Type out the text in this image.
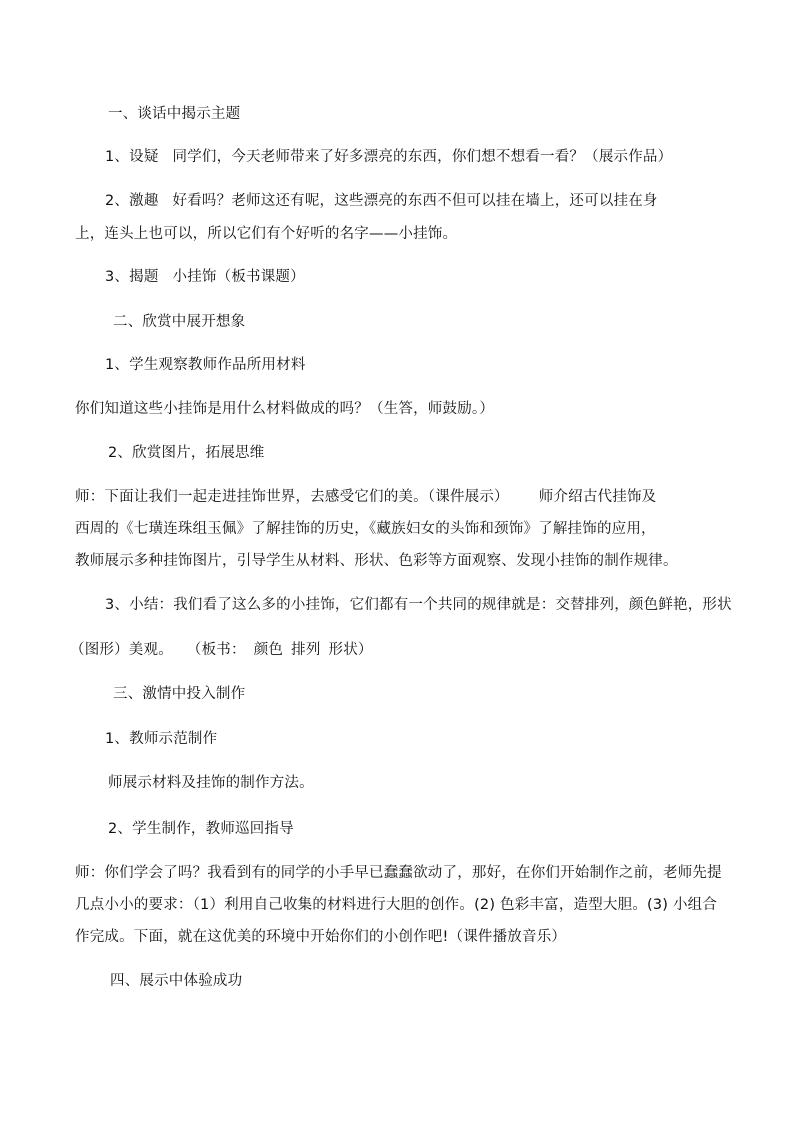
一、谈话中揭示主题
1、设疑 同学们，今天老师带来了好多漂亮的东西，你们想不想看一看？（展示作品）
2、激趣 好看吗？老师这还有呢，这些漂亮的东西不但可以挂在墙上，还可以挂在身
上，连头上也可以，所以它们有个好听的名字——小挂饰。
3、揭题 小挂饰（板书课题）
二、欣赏中展开想象
1、学生观察教师作品所用材料
你们知道这些小挂饰是用什么材料做成的吗？（生答，师鼓励。）
2、欣赏图片，拓展思维
师：下面让我们一起走进挂饰世界，去感受它们的美。（课件展示） 师介绍古代挂饰及
西周的《七璜连珠组玉佩》了解挂饰的历史，《藏族妇女的头饰和颈饰》了解挂饰的应用，
教师展示多种挂饰图片，引导学生从材料、形状、色彩等方面观察、发现小挂饰的制作规律。
3、小结：我们看了这么多的小挂饰，它们都有一个共同的规律就是：交替排列，颜色鲜艳，形状
（图形）美观。 （板书： 颜色 排列 形状）
三、激情中投入制作
1、教师示范制作
师展示材料及挂饰的制作方法。
2、学生制作，教师巡回指导
师：你们学会了吗？我看到有的同学的小手早已蠢蠢欲动了，那好，在你们开始制作之前，老师先提
几点小小的要求：（1）利用自己收集的材料进行大胆的创作。(2) 色彩丰富，造型大胆。(3) 小组合
作完成。下面，就在这优美的环境中开始你们的小创作吧!（课件播放音乐）
四、展示中体验成功
